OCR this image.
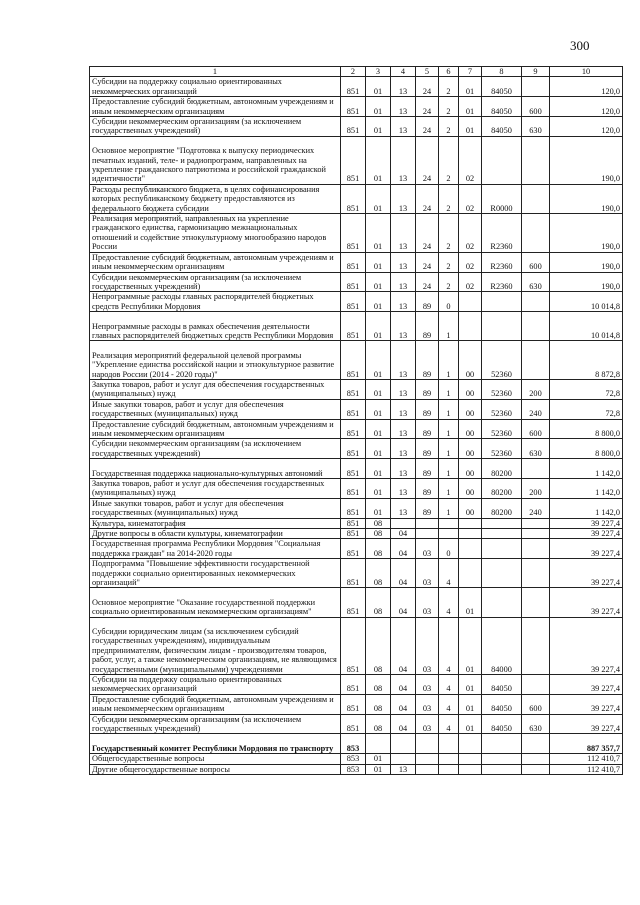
300
1	2	3	4	5	6	7	8	9	10
Субсидии на поддержку социально ориентированных некоммерческих организаций	851	01	13	24	2	01	84050		120,0
Предоставление субсидий бюджетным, автономным учреждениям и иным некоммерческим организациям	851	01	13	24	2	01	84050	600	120,0
Субсидии некоммерческим организациям (за исключением государственных учреждений)	851	01	13	24	2	01	84050	630	120,0
Основное мероприятие "Подготовка к выпуску периодических печатных изданий, теле- и радиопрограмм, направленных на укрепление гражданского патриотизма и российской гражданской идентичности"	851	01	13	24	2	02			190,0
Расходы республиканского бюджета, в целях софинансирования которых республиканскому бюджету предоставляются из федерального бюджета субсидии	851	01	13	24	2	02	R0000		190,0
Реализация мероприятий, направленных на укрепление гражданского единства, гармонизацию межнациональных отношений и содействие этнокультурному многообразию народов России	851	01	13	24	2	02	R2360		190,0
Предоставление субсидий бюджетным, автономным учреждениям и иным некоммерческим организациям	851	01	13	24	2	02	R2360	600	190,0
Субсидии некоммерческим организациям (за исключением государственных учреждений)	851	01	13	24	2	02	R2360	630	190,0
Непрограммные расходы главных распорядителей бюджетных средств Республики Мордовия	851	01	13	89	0				10 014,8
Непрограммные расходы в рамках обеспечения деятельности главных распорядителей бюджетных средств Республики Мордовия	851	01	13	89	1				10 014,8
Реализация мероприятий федеральной целевой программы "Укрепление единства российской нации и этнокультурное развитие народов России (2014 - 2020 годы)"	851	01	13	89	1	00	52360		8 872,8
Закупка товаров, работ и услуг для обеспечения государственных (муниципальных) нужд	851	01	13	89	1	00	52360	200	72,8
Иные закупки товаров, работ и услуг для обеспечения государственных (муниципальных) нужд	851	01	13	89	1	00	52360	240	72,8
Предоставление субсидий бюджетным, автономным учреждениям и иным некоммерческим организациям	851	01	13	89	1	00	52360	600	8 800,0
Субсидии некоммерческим организациям (за исключением государственных учреждений)	851	01	13	89	1	00	52360	630	8 800,0
Государственная поддержка национально-культурных автономий	851	01	13	89	1	00	80200		1 142,0
Закупка товаров, работ и услуг для обеспечения государственных (муниципальных) нужд	851	01	13	89	1	00	80200	200	1 142,0
Иные закупки товаров, работ и услуг для обеспечения государственных (муниципальных) нужд	851	01	13	89	1	00	80200	240	1 142,0
Культура, кинематография	851	08							39 227,4
Другие вопросы в области культуры, кинематографии	851	08	04						39 227,4
Государственная программа Республики Мордовия "Социальная поддержка граждан" на 2014-2020 годы	851	08	04	03	0				39 227,4
Подпрограмма "Повышение эффективности государственной поддержки социально ориентированных некоммерческих организаций"	851	08	04	03	4				39 227,4
Основное мероприятие "Оказание государственной поддержки социально ориентированным некоммерческим организациям"	851	08	04	03	4	01			39 227,4
Субсидии юридическим лицам (за исключением субсидий государственных учреждениям), индивидуальным предпринимателям, физическим лицам - производителям товаров, работ, услуг, а также некоммерческим организациям, не являющимся государственными (муниципальными) учреждениями	851	08	04	03	4	01	84000		39 227,4
Субсидии на поддержку социально ориентированных некоммерческих организаций	851	08	04	03	4	01	84050		39 227,4
Предоставление субсидий бюджетным, автономным учреждениям и иным некоммерческим организациям	851	08	04	03	4	01	84050	600	39 227,4
Субсидии некоммерческим организациям (за исключением государственных учреждений)	851	08	04	03	4	01	84050	630	39 227,4
Государственный комитет Республики Мордовия по транспорту	853								887 357,7
Общегосударственные вопросы	853	01							112 410,7
Другие общегосударственные вопросы	853	01	13						112 410,7
